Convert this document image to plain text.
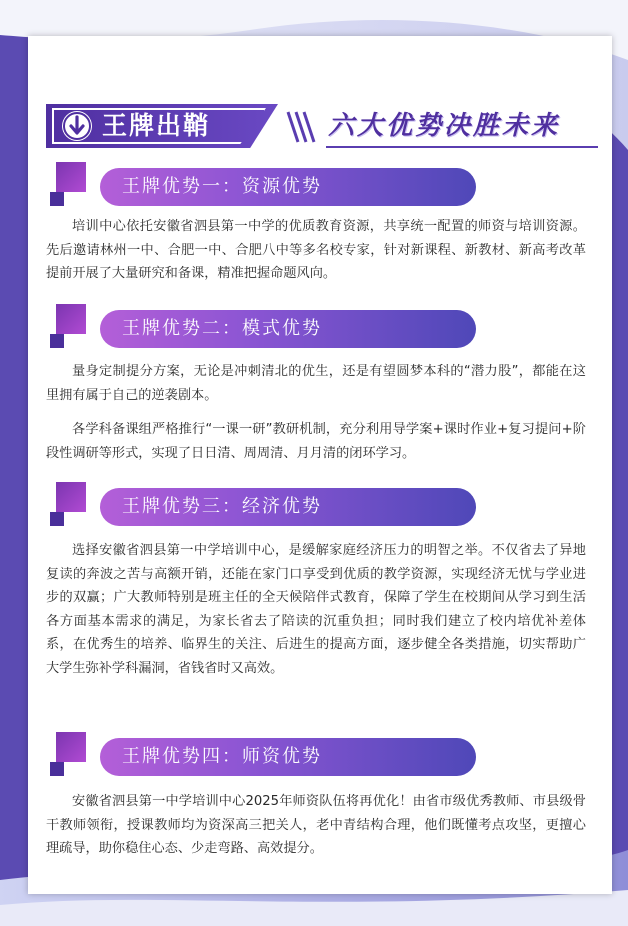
王牌出鞘	六大优势决胜未来
王牌优势一：资源优势

培训中心依托安徽省泗县第一中学的优质教育资源，共享统一配置的师资与培训资源。先后邀请林州一中、合肥一中、合肥八中等多名校专家，针对新课程、新教材、新高考改革提前开展了大量研究和备课，精准把握命题风向。

王牌优势二：模式优势

量身定制提分方案，无论是冲刺清北的优生，还是有望圆梦本科的“潜力股”，都能在这里拥有属于自己的逆袭剧本。

各学科备课组严格推行“一课一研”教研机制，充分利用导学案+课时作业+复习提问+阶段性调研等形式，实现了日日清、周周清、月月清的闭环学习。

王牌优势三：经济优势

选择安徽省泗县第一中学培训中心，是缓解家庭经济压力的明智之举。不仅省去了异地复读的奔波之苦与高额开销，还能在家门口享受到优质的教学资源，实现经济无忧与学业进步的双赢；广大教师特别是班主任的全天候陪伴式教育，保障了学生在校期间从学习到生活各方面基本需求的满足，为家长省去了陪读的沉重负担；同时我们建立了校内培优补差体系，在优秀生的培养、临界生的关注、后进生的提高方面，逐步健全各类措施，切实帮助广大学生弥补学科漏洞，省钱省时又高效。

王牌优势四：师资优势

安徽省泗县第一中学培训中心2025年师资队伍将再优化！由省市级优秀教师、市县级骨干教师领衔，授课教师均为资深高三把关人，老中青结构合理，他们既懂考点攻坚，更擅心理疏导，助你稳住心态、少走弯路、高效提分。
